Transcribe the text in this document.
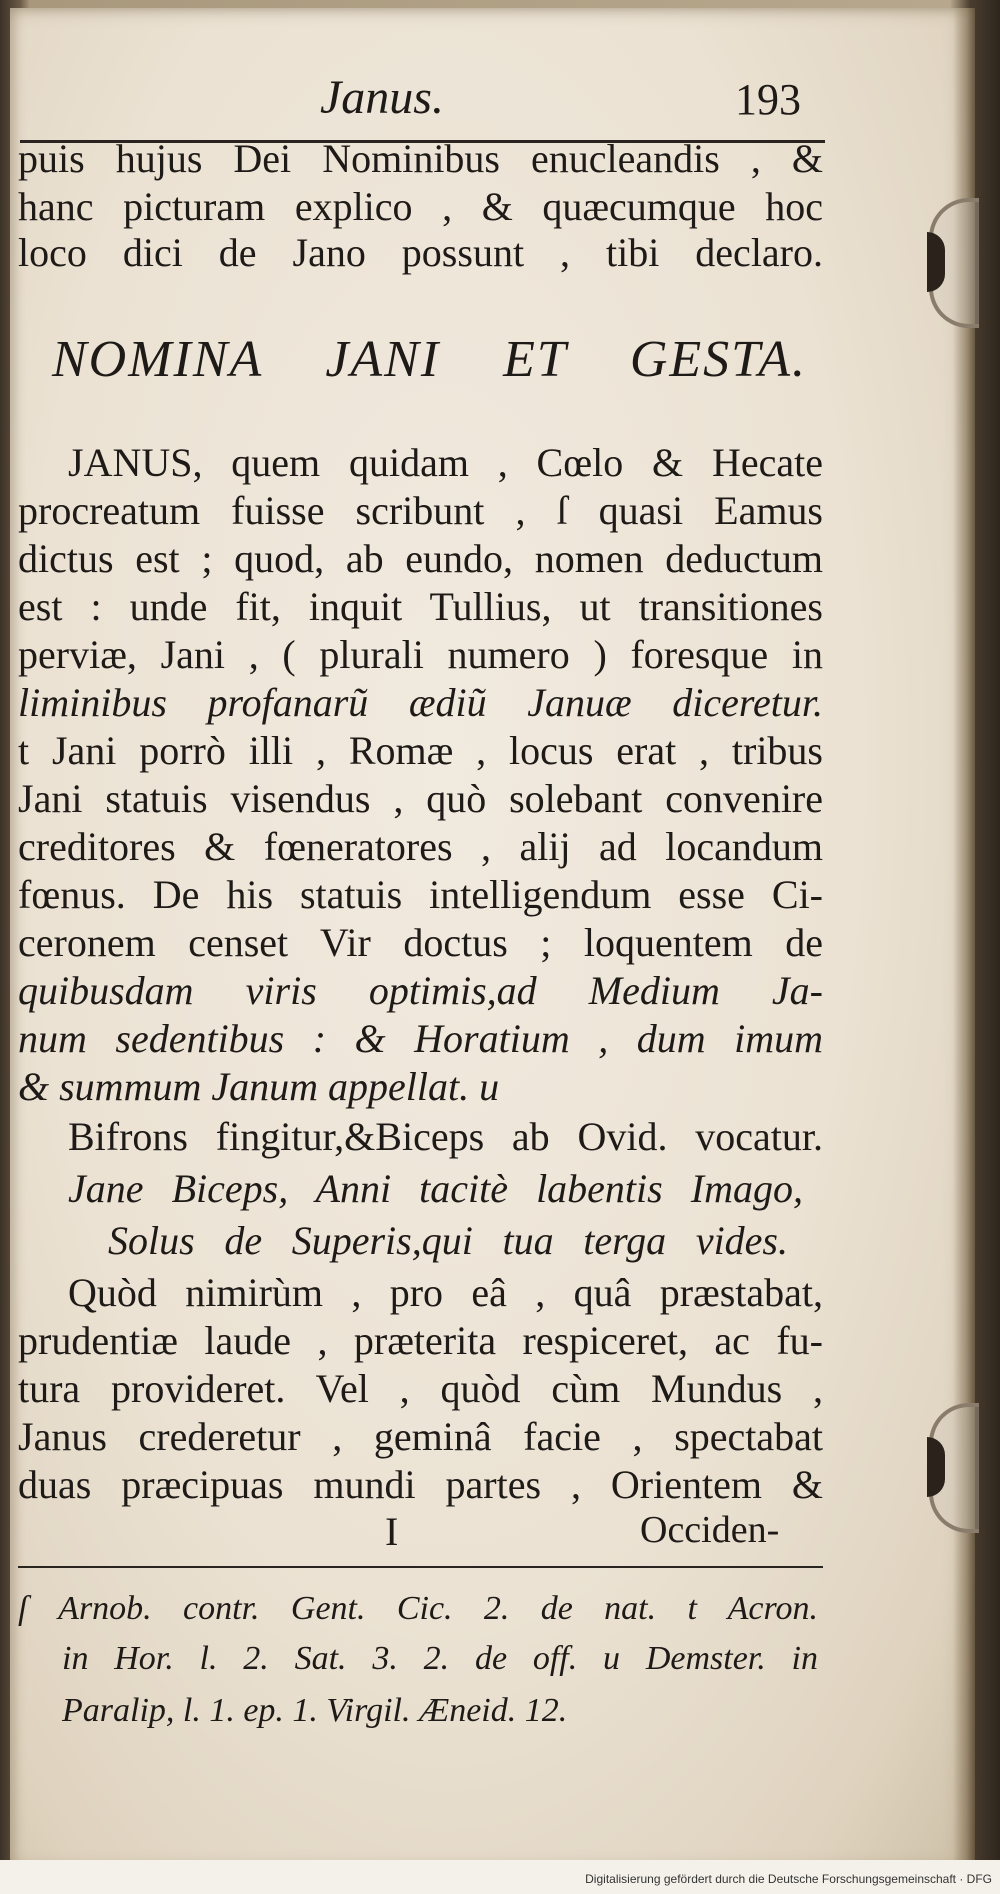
Janus.	193
puis hujus Dei Nominibus enucleandis , &
hanc picturam explico , & quæcumque hoc
loco dici de Jano possunt , tibi declaro.
NOMINA JANI ET GESTA.
JANUS, quem quidam , Cœlo & Hecate
procreatum fuisse scribunt , ſ quasi Eamus
dictus est ; quod, ab eundo, nomen deductum
est : unde fit, inquit Tullius, ut transitiones
perviæ, Jani , ( plurali numero ) foresque in
liminibus profanarũ ædiũ Januæ diceretur.
t Jani porrò illi , Romæ , locus erat , tribus
Jani statuis visendus , quò solebant convenire
creditores & fœneratores , alij ad locandum
fœnus. De his statuis intelligendum esse Ci-
ceronem censet Vir doctus ; loquentem de
quibusdam viris optimis,ad Medium Ja-
num sedentibus : & Horatium , dum imum
& summum Janum appellat. u
Bifrons fingitur,&Biceps ab Ovid. vocatur.
Jane Biceps, Anni tacitè labentis Imago,
Solus de Superis,qui tua terga vides.
Quòd nimirùm , pro eâ , quâ præstabat,
prudentiæ laude , præterita respiceret, ac fu-
tura provideret. Vel , quòd cùm Mundus ,
Janus crederetur , geminâ facie , spectabat
duas præcipuas mundi partes , Orientem &
I	Occiden-
ſ Arnob. contr. Gent. Cic. 2. de nat. t Acron.
in Hor. l. 2. Sat. 3. 2. de off. u Demster. in
Paralip, l. 1. ep. 1. Virgil. Æneid. 12.
Digitalisierung gefördert durch die Deutsche Forschungsgemeinschaft · DFG
